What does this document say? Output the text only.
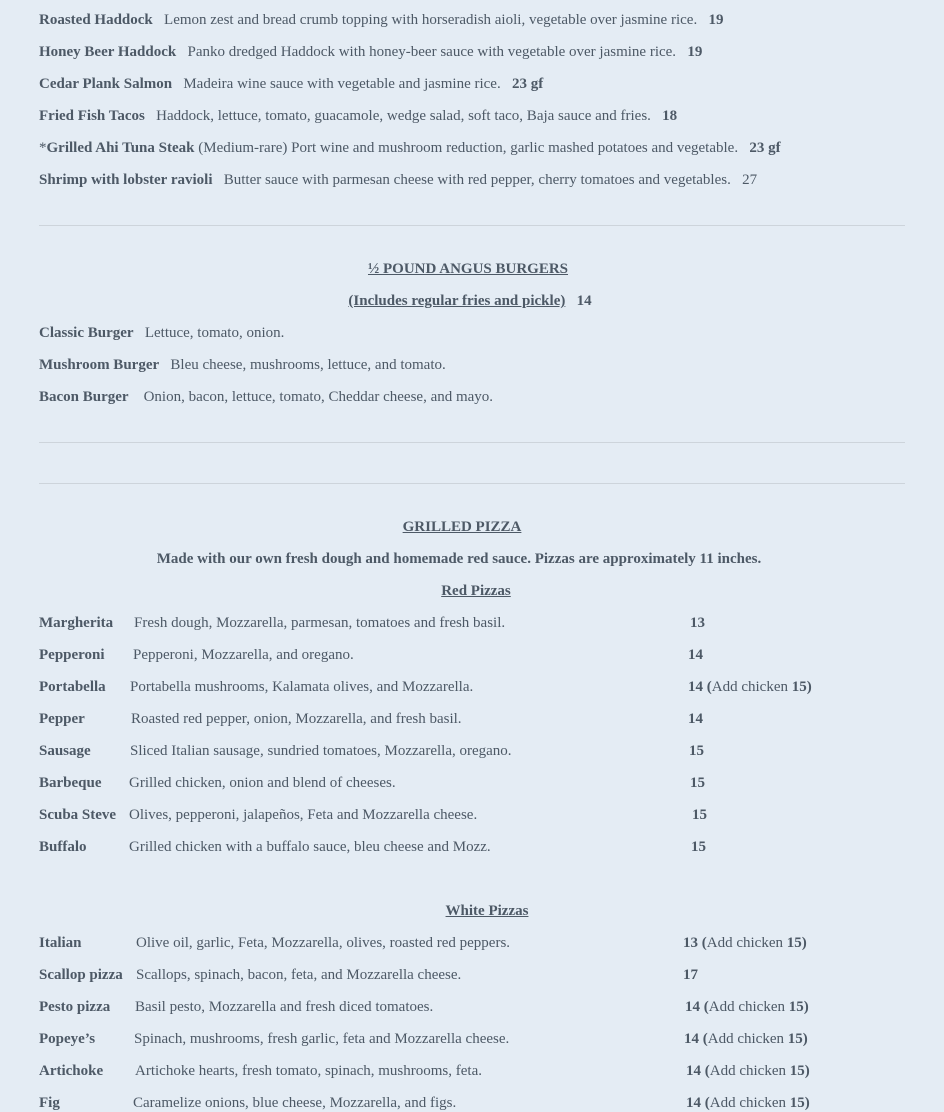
Roasted Haddock Lemon zest and bread crumb topping with horseradish aioli, vegetable over jasmine rice. 19
Honey Beer Haddock Panko dredged Haddock with honey-beer sauce with vegetable over jasmine rice. 19
Cedar Plank Salmon Madeira wine sauce with vegetable and jasmine rice. 23 gf
Fried Fish Tacos Haddock, lettuce, tomato, guacamole, wedge salad, soft taco, Baja sauce and fries. 18
*Grilled Ahi Tuna Steak (Medium-rare) Port wine and mushroom reduction, garlic mashed potatoes and vegetable. 23 gf
Shrimp with lobster ravioli Butter sauce with parmesan cheese with red pepper, cherry tomatoes and vegetables. 27
½ POUND ANGUS BURGERS
(Includes regular fries and pickle) 14
Classic Burger Lettuce, tomato, onion.
Mushroom Burger Bleu cheese, mushrooms, lettuce, and tomato.
Bacon Burger Onion, bacon, lettuce, tomato, Cheddar cheese, and mayo.
GRILLED PIZZA
Made with our own fresh dough and homemade red sauce. Pizzas are approximately 11 inches.
Red Pizzas
Margherita Fresh dough, Mozzarella, parmesan, tomatoes and fresh basil.	13
Pepperoni Pepperoni, Mozzarella, and oregano.	14
Portabella Portabella mushrooms, Kalamata olives, and Mozzarella.	14 (Add chicken 15)
Pepper	Roasted red pepper, onion, Mozzarella, and fresh basil.	14
Sausage	Sliced Italian sausage, sundried tomatoes, Mozzarella, oregano.	15
Barbeque Grilled chicken, onion and blend of cheeses.	15
Scuba Steve Olives, pepperoni, jalapeños, Feta and Mozzarella cheese.	15
Buffalo	Grilled chicken with a buffalo sauce, bleu cheese and Mozz.	15
White Pizzas
Italian	Olive oil, garlic, Feta, Mozzarella, olives, roasted red peppers.	13 (Add chicken 15)
Scallop pizza Scallops, spinach, bacon, feta, and Mozzarella cheese.	17
Pesto pizza Basil pesto, Mozzarella and fresh diced tomatoes.	14 (Add chicken 15)
Popeye’s	Spinach, mushrooms, fresh garlic, feta and Mozzarella cheese.	14 (Add chicken 15)
Artichoke Artichoke hearts, fresh tomato, spinach, mushrooms, feta.	14 (Add chicken 15)
Fig	Caramelize onions, blue cheese, Mozzarella, and figs.	14 (Add chicken 15)
